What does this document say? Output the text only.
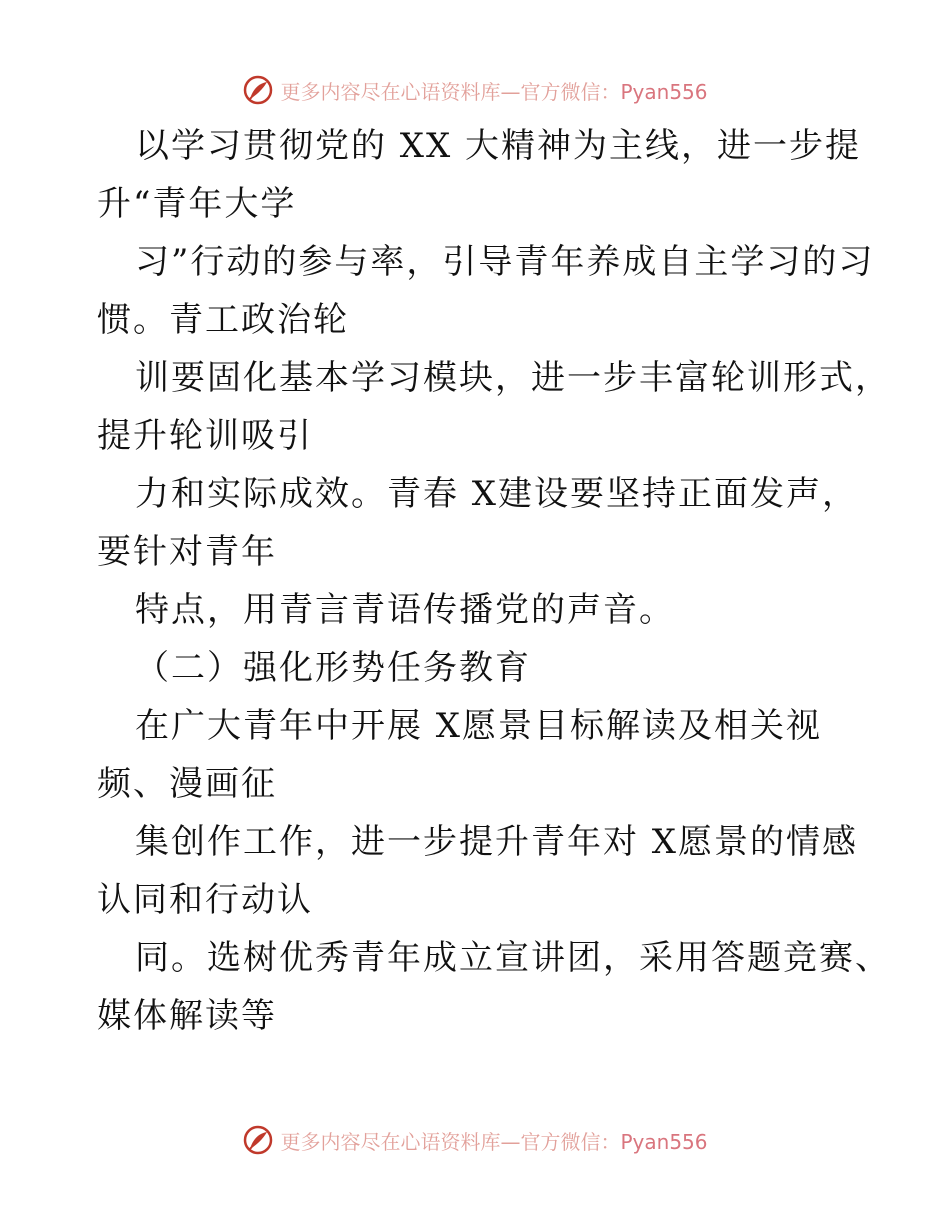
更多内容尽在心语资料库—官方微信：Pyan556
以学习贯彻党的 XX 大精神为主线，进一步提
升“青年大学
习”行动的参与率，引导青年养成自主学习的习
惯。青工政治轮
训要固化基本学习模块，进一步丰富轮训形式，
提升轮训吸引
力和实际成效。青春 X建设要坚持正面发声，
要针对青年
特点，用青言青语传播党的声音。
（二）强化形势任务教育
在广大青年中开展 X愿景目标解读及相关视
频、漫画征
集创作工作，进一步提升青年对 X愿景的情感
认同和行动认
同。选树优秀青年成立宣讲团，采用答题竞赛、
媒体解读等
更多内容尽在心语资料库—官方微信：Pyan556
